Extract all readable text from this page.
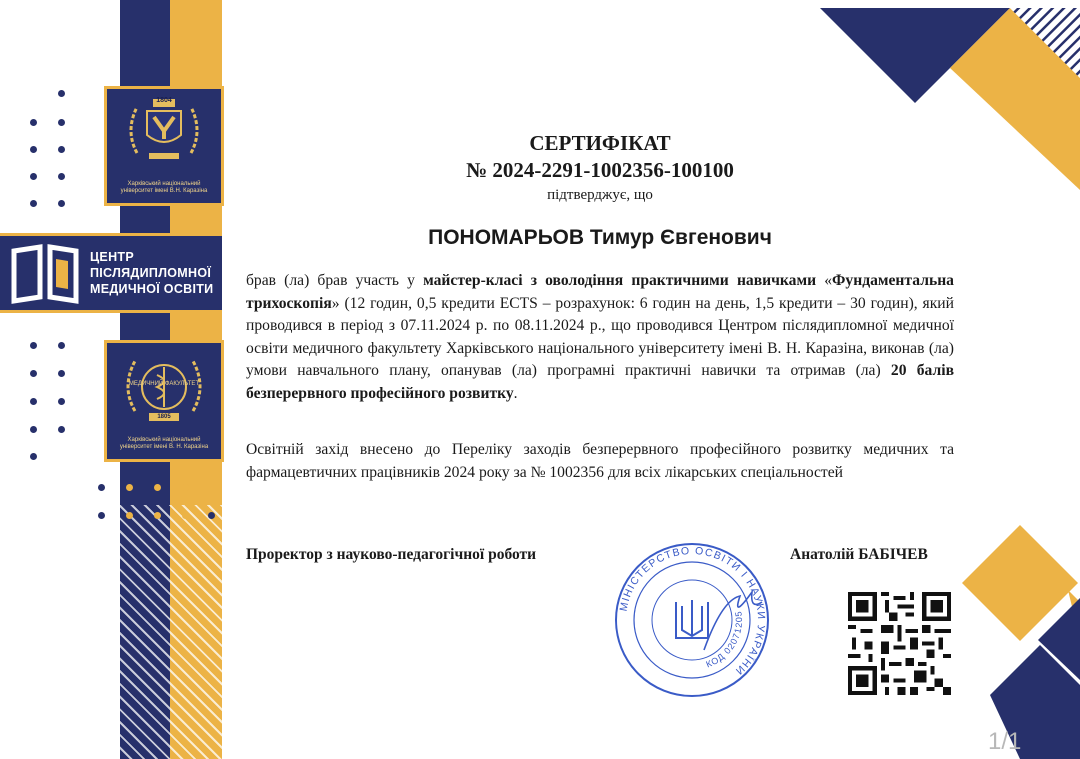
1804
Харківський національний університет імені В.Н. Каразіна
ЦЕНТР
ПІСЛЯДИПЛОМНОЇ
МЕДИЧНОЇ ОСВІТИ
МЕДИЧНИЙ ФАКУЛЬТЕТ
1805
Харківський національний університет імені В. Н. Каразіна
СЕРТИФІКАТ
№ 2024-2291-1002356-100100
підтверджує, що
ПОНОМАРЬОВ Тимур Євгенович
брав (ла) брав участь у майстер-класі з оволодіння практичними навичками «Фундаментальна трихоскопія» (12 годин, 0,5 кредити ECTS – розрахунок: 6 годин на день, 1,5 кредити – 30 годин), який проводився в період з 07.11.2024 р. по 08.11.2024 р., що проводився Центром післядипломної медичної освіти медичного факультету Харківського національного університету імені В. Н. Каразіна, виконав (ла) умови навчального плану, опанував (ла) програмні практичні навички та отримав (ла) 20 балів безперервного професійного розвитку.
Освітній захід внесено до Переліку заходів безперервного професійного розвитку медичних та фармацевтичних працівників 2024 року за № 1002356 для всіх лікарських спеціальностей
Проректор з науково-педагогічної роботи	Анатолій БАБІЧЕВ
МІНІСТЕРСТВО ОСВІТИ І НАУКИ УКРАЇНИ
КОД 02071205
1/1
